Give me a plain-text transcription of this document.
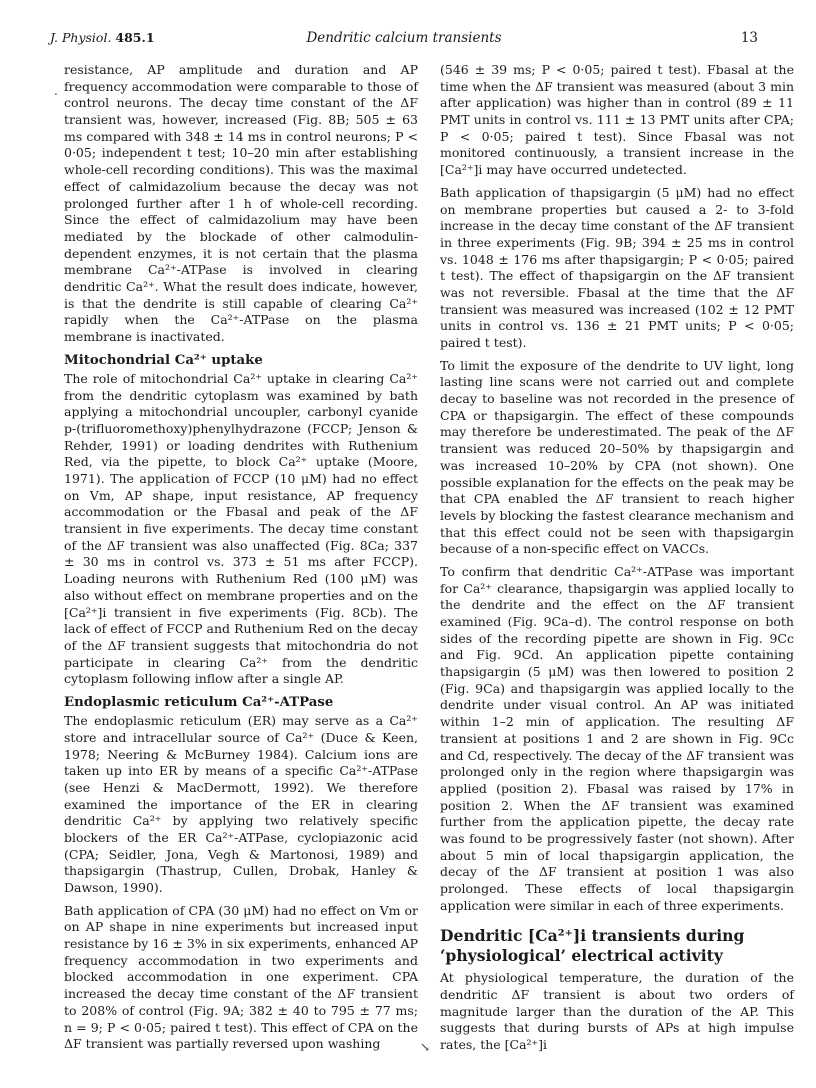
J. Physiol. 485.1	Dendritic calcium transients	13

resistance, AP amplitude and duration and AP frequency accommodation were comparable to those of control neurons. The decay time constant of the ΔF transient was, however, increased (Fig. 8B; 505 ± 63 ms compared with 348 ± 14 ms in control neurons; P < 0·05; independent t test; 10–20 min after establishing whole-cell recording conditions). This was the maximal effect of calmidazolium because the decay was not prolonged further after 1 h of whole-cell recording. Since the effect of calmidazolium may have been mediated by the blockade of other calmodulin-dependent enzymes, it is not certain that the plasma membrane Ca²⁺-ATPase is involved in clearing dendritic Ca²⁺. What the result does indicate, however, is that the dendrite is still capable of clearing Ca²⁺ rapidly when the Ca²⁺-ATPase on the plasma membrane is inactivated.

Mitochondrial Ca²⁺ uptake

The role of mitochondrial Ca²⁺ uptake in clearing Ca²⁺ from the dendritic cytoplasm was examined by bath applying a mitochondrial uncoupler, carbonyl cyanide p-(trifluoromethoxy)phenylhydrazone (FCCP; Jenson & Rehder, 1991) or loading dendrites with Ruthenium Red, via the pipette, to block Ca²⁺ uptake (Moore, 1971). The application of FCCP (10 μM) had no effect on Vm, AP shape, input resistance, AP frequency accommodation or the Fbasal and peak of the ΔF transient in five experiments. The decay time constant of the ΔF transient was also unaffected (Fig. 8Ca; 337 ± 30 ms in control vs. 373 ± 51 ms after FCCP). Loading neurons with Ruthenium Red (100 μM) was also without effect on membrane properties and on the [Ca²⁺]i transient in five experiments (Fig. 8Cb). The lack of effect of FCCP and Ruthenium Red on the decay of the ΔF transient suggests that mitochondria do not participate in clearing Ca²⁺ from the dendritic cytoplasm following inflow after a single AP.

Endoplasmic reticulum Ca²⁺-ATPase

The endoplasmic reticulum (ER) may serve as a Ca²⁺ store and intracellular source of Ca²⁺ (Duce & Keen, 1978; Neering & McBurney 1984). Calcium ions are taken up into ER by means of a specific Ca²⁺-ATPase (see Henzi & MacDermott, 1992). We therefore examined the importance of the ER in clearing dendritic Ca²⁺ by applying two relatively specific blockers of the ER Ca²⁺-ATPase, cyclopiazonic acid (CPA; Seidler, Jona, Vegh & Martonosi, 1989) and thapsigargin (Thastrup, Cullen, Drobak, Hanley & Dawson, 1990).

Bath application of CPA (30 μM) had no effect on Vm or on AP shape in nine experiments but increased input resistance by 16 ± 3% in six experiments, enhanced AP frequency accommodation in two experiments and blocked accommodation in one experiment. CPA increased the decay time constant of the ΔF transient to 208% of control (Fig. 9A; 382 ± 40 to 795 ± 77 ms; n = 9; P < 0·05; paired t test). This effect of CPA on the ΔF transient was partially reversed upon washing

(546 ± 39 ms; P < 0·05; paired t test). Fbasal at the time when the ΔF transient was measured (about 3 min after application) was higher than in control (89 ± 11 PMT units in control vs. 111 ± 13 PMT units after CPA; P < 0·05; paired t test). Since Fbasal was not monitored continuously, a transient increase in the [Ca²⁺]i may have occurred undetected.

Bath application of thapsigargin (5 μM) had no effect on membrane properties but caused a 2- to 3-fold increase in the decay time constant of the ΔF transient in three experiments (Fig. 9B; 394 ± 25 ms in control vs. 1048 ± 176 ms after thapsigargin; P < 0·05; paired t test). The effect of thapsigargin on the ΔF transient was not reversible. Fbasal at the time that the ΔF transient was measured was increased (102 ± 12 PMT units in control vs. 136 ± 21 PMT units; P < 0·05; paired t test).

To limit the exposure of the dendrite to UV light, long lasting line scans were not carried out and complete decay to baseline was not recorded in the presence of CPA or thapsigargin. The effect of these compounds may therefore be underestimated. The peak of the ΔF transient was reduced 20–50% by thapsigargin and was increased 10–20% by CPA (not shown). One possible explanation for the effects on the peak may be that CPA enabled the ΔF transient to reach higher levels by blocking the fastest clearance mechanism and that this effect could not be seen with thapsigargin because of a non-specific effect on VACCs.

To confirm that dendritic Ca²⁺-ATPase was important for Ca²⁺ clearance, thapsigargin was applied locally to the dendrite and the effect on the ΔF transient examined (Fig. 9Ca–d). The control response on both sides of the recording pipette are shown in Fig. 9Cc and Fig. 9Cd. An application pipette containing thapsigargin (5 μM) was then lowered to position 2 (Fig. 9Ca) and thapsigargin was applied locally to the dendrite under visual control. An AP was initiated within 1–2 min of application. The resulting ΔF transient at positions 1 and 2 are shown in Fig. 9Cc and Cd, respectively. The decay of the ΔF transient was prolonged only in the region where thapsigargin was applied (position 2). Fbasal was raised by 17% in position 2. When the ΔF transient was examined further from the application pipette, the decay rate was found to be progressively faster (not shown). After about 5 min of local thapsigargin application, the decay of the ΔF transient at position 1 was also prolonged. These effects of local thapsigargin application were similar in each of three experiments.

Dendritic [Ca²⁺]i transients during ‘physiological’ electrical activity

At physiological temperature, the duration of the dendritic ΔF transient is about two orders of magnitude larger than the duration of the AP. This suggests that during bursts of APs at high impulse rates, the [Ca²⁺]i

.
↘
